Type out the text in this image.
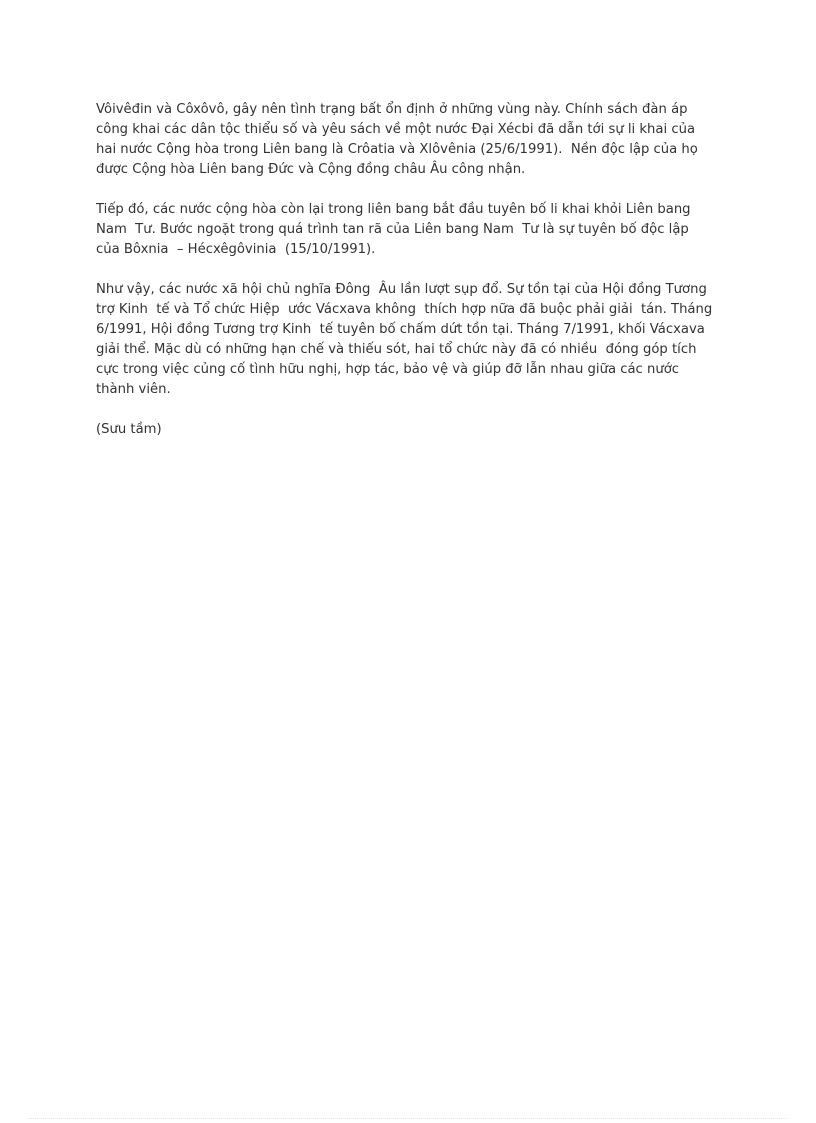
Vôivêđin và Côxôvô, gây nên tình trạng bất ổn định ở những vùng này. Chính sách đàn áp
công khai các dân tộc thiểu số và yêu sách về một nước Đại Xécbi đã dẫn tới sự li khai của
hai nước Cộng hòa trong Liên bang là Crôatia và Xlôvênia (25/6/1991).  Nền độc lập của họ
được Cộng hòa Liên bang Đức và Cộng đồng châu Âu công nhận.

Tiếp đó, các nước cộng hòa còn lại trong liên bang bắt đầu tuyên bố li khai khỏi Liên bang
Nam  Tư. Bước ngoặt trong quá trình tan rã của Liên bang Nam  Tư là sự tuyên bố độc lập
của Bôxnia  – Hécxêgôvinia  (15/10/1991).

Như vậy, các nước xã hội chủ nghĩa Đông  Âu lần lượt sụp đổ. Sự tồn tại của Hội đồng Tương
trợ Kinh  tế và Tổ chức Hiệp  ước Vácxava không  thích hợp nữa đã buộc phải giải  tán. Tháng
6/1991, Hội đồng Tương trợ Kinh  tế tuyên bố chấm dứt tồn tại. Tháng 7/1991, khối Vácxava
giải thể. Mặc dù có những hạn chế và thiếu sót, hai tổ chức này đã có nhiều  đóng góp tích
cực trong việc củng cố tình hữu nghị, hợp tác, bảo vệ và giúp đỡ lẫn nhau giữa các nước
thành viên.

(Sưu tầm)
